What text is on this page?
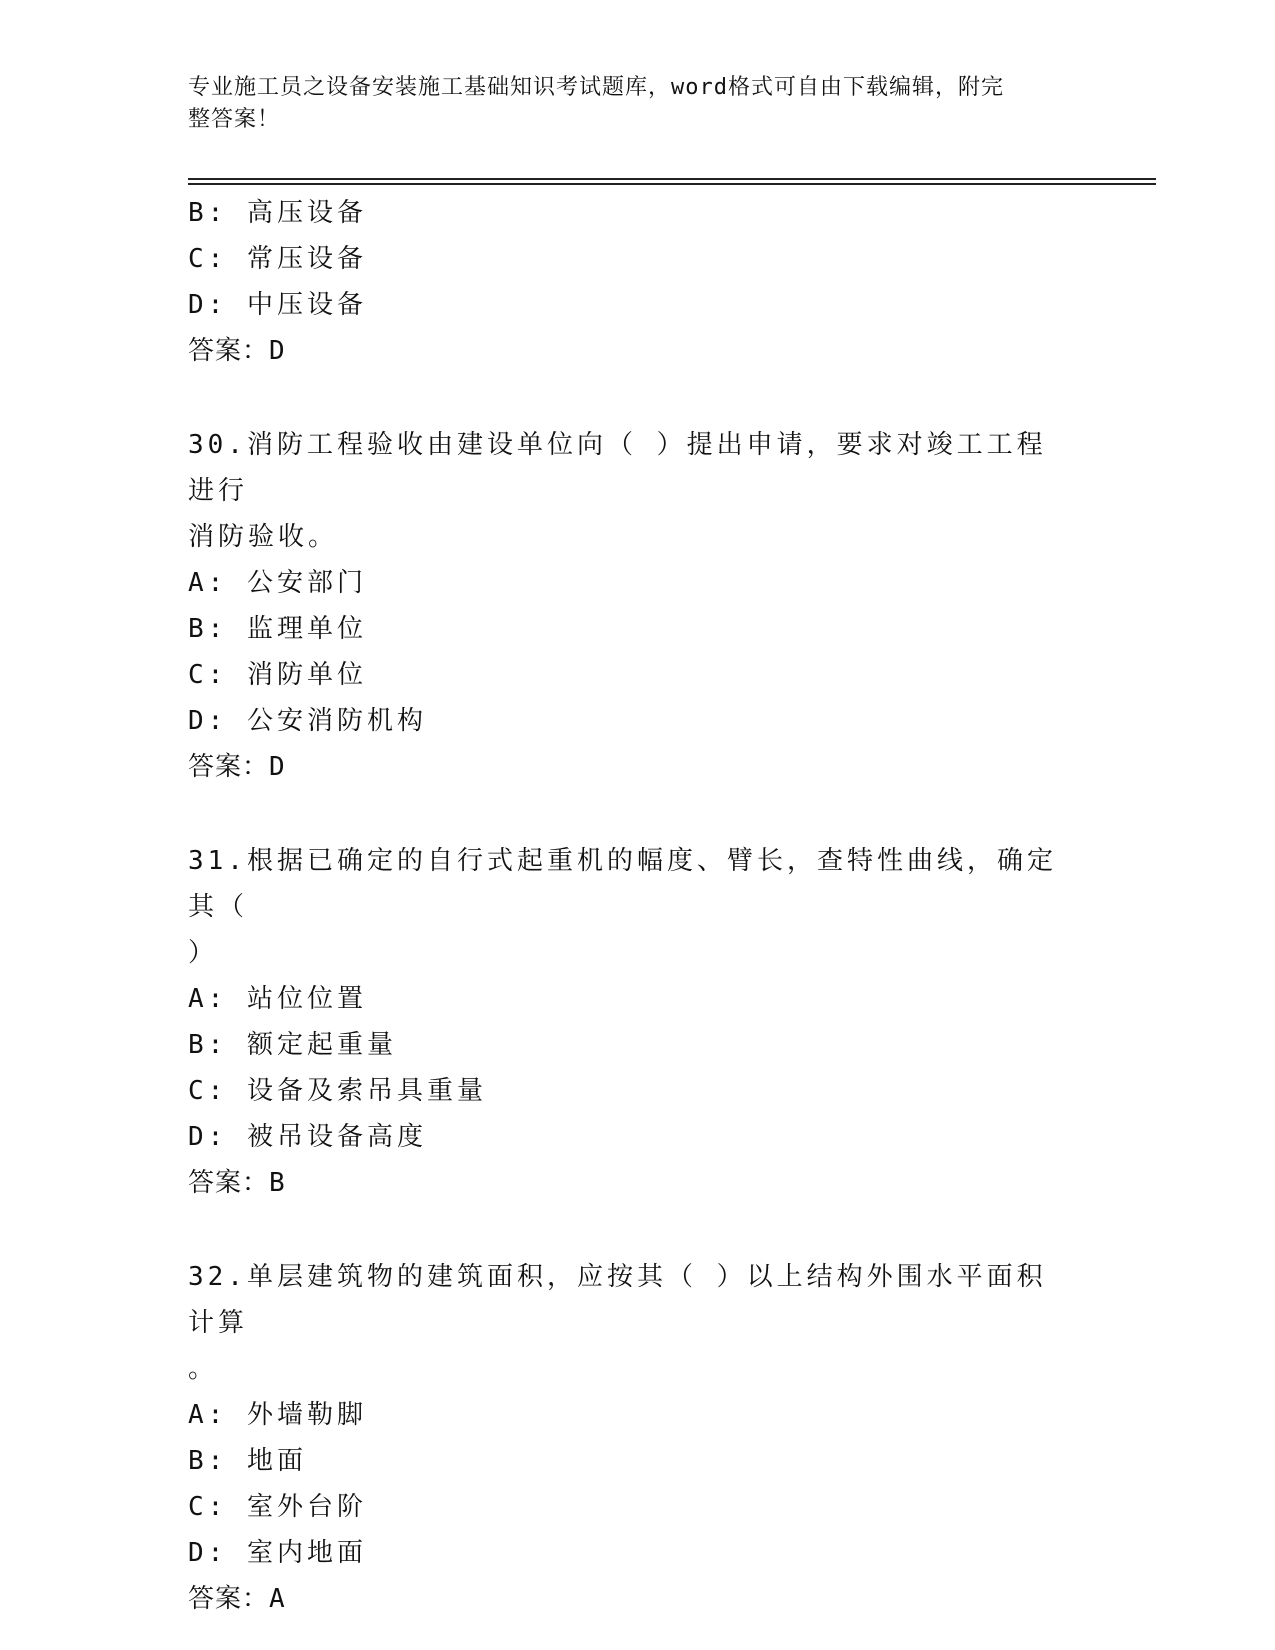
专业施工员之设备安装施工基础知识考试题库，word格式可自由下载编辑，附完
整答案！
B: 高压设备
C: 常压设备
D: 中压设备
答案：D
30.消防工程验收由建设单位向（ ）提出申请，要求对竣工工程进行
消防验收。
A: 公安部门
B: 监理单位
C: 消防单位
D: 公安消防机构
答案：D
31.根据已确定的自行式起重机的幅度、臂长，查特性曲线，确定其（
）
A: 站位位置
B: 额定起重量
C: 设备及索吊具重量
D: 被吊设备高度
答案：B
32.单层建筑物的建筑面积，应按其（ ）以上结构外围水平面积计算
。
A: 外墙勒脚
B: 地面
C: 室外台阶
D: 室内地面
答案：A
